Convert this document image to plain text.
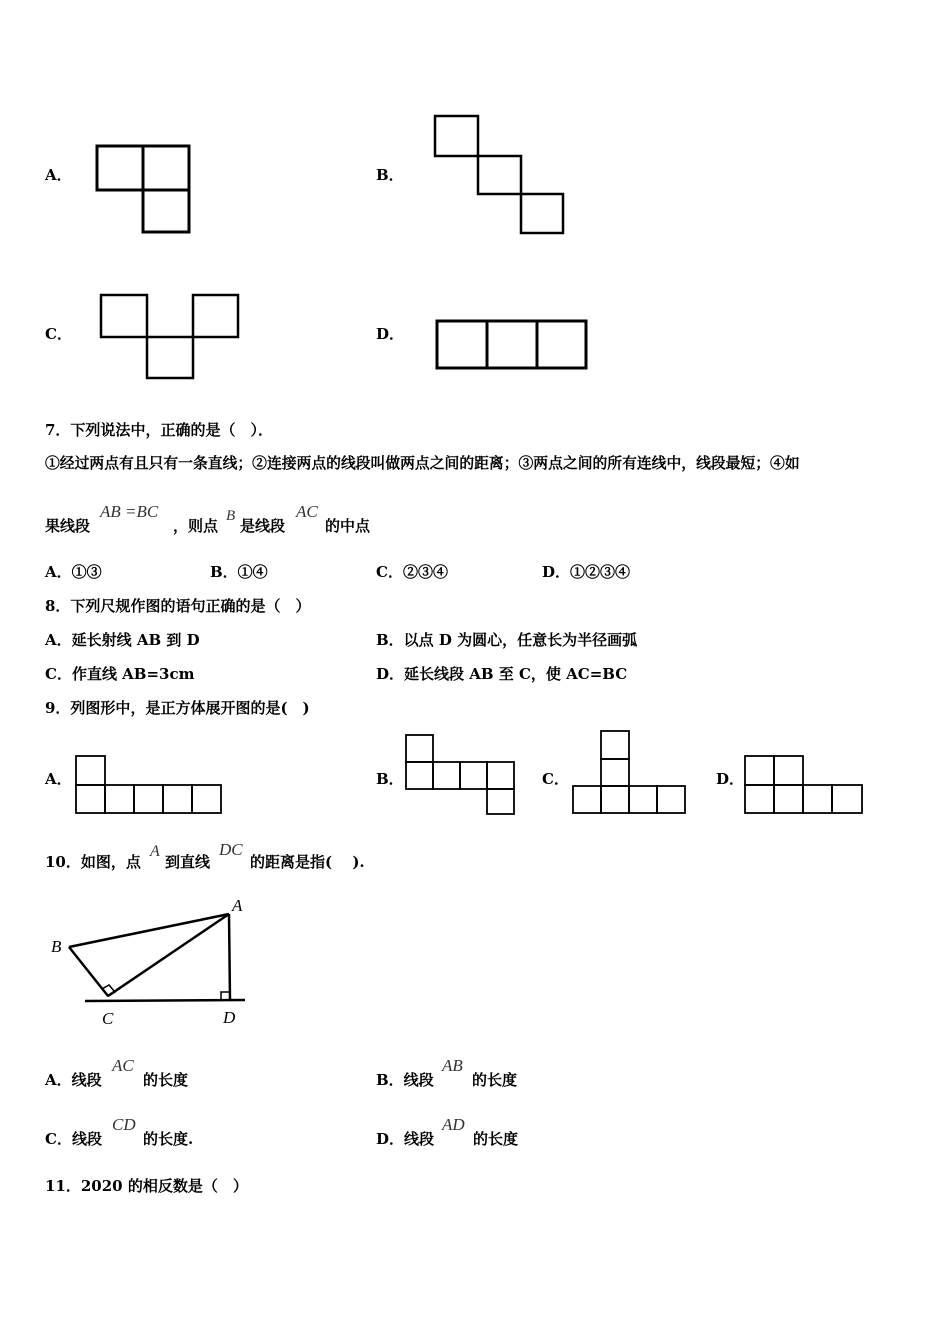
A．	B．
C．	D．
7．下列说法中，正确的是（　）．
①经过两点有且只有一条直线；②连接两点的线段叫做两点之间的距离；③两点之间的所有连线中，线段最短；④如
果线段
AB =BC
，则点
B
是线段
AC
的中点
A．①③	B．①④	C．②③④	D．①②③④
8．下列尺规作图的语句正确的是（　）
A．延长射线 AB 到 D	B．以点 D 为圆心，任意长为半径画弧
C．作直线 AB=3cm	D．延长线段 AB 至 C，使 AC=BC
9．列图形中，是正方体展开图的是(　)
A．	B．	C．	D．
10．如图，点
A
到直线
DC
的距离是指(　 ).
A
B
C	D
A．线段
AC
的长度	B．线段
AB
的长度
C．线段
CD
的长度.	D．线段
AD
的长度
11．2020 的相反数是（　）
